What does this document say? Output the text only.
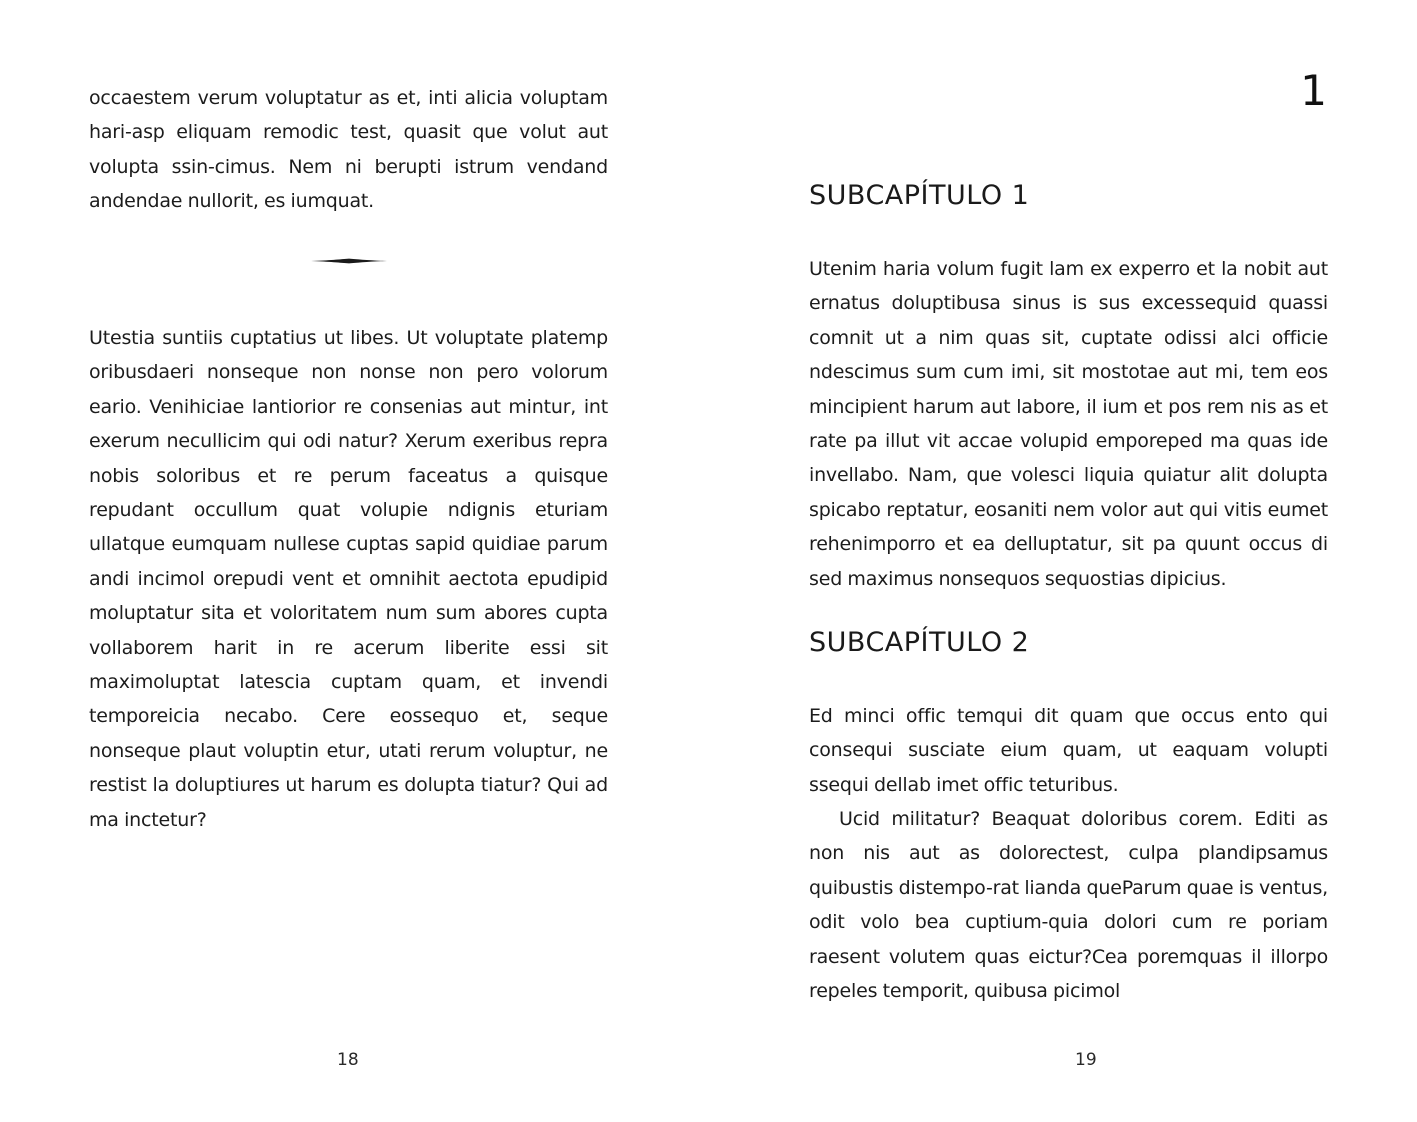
occaestem verum voluptatur as et, inti alicia voluptam hari-asp eliquam remodic test, quasit que volut aut volupta ssin-cimus. Nem ni berupti istrum vendand andendae nullorit, es iumquat.

Utestia suntiis cuptatius ut libes. Ut voluptate platemp oribusdaeri nonseque non nonse non pero volorum eario. Venihiciae lantiorior re consenias aut mintur, int exerum necullicim qui odi natur? Xerum exeribus repra nobis soloribus et re perum faceatus a quisque repudant occullum quat volupie ndignis eturiam ullatque eumquam nullese cuptas sapid quidiae parum andi incimol orepudi vent et omnihit aectota epudipid moluptatur sita et voloritatem num sum abores cupta vollaborem harit in re acerum liberite essi sit maximoluptat latescia cuptam quam, et invendi temporeicia necabo. Cere eossequo et, seque nonseque plaut voluptin etur, utati rerum voluptur, ne restist la doluptiures ut harum es dolupta tiatur? Qui ad ma inctetur?

18
1
SUBCAPÍTULO 1

Utenim haria volum fugit lam ex experro et la nobit aut ernatus doluptibusa sinus is sus excessequid quassi comnit ut a nim quas sit, cuptate odissi alci officie ndescimus sum cum imi, sit mostotae aut mi, tem eos mincipient harum aut labore, il ium et pos rem nis as et rate pa illut vit accae volupid emporeped ma quas ide invellabo. Nam, que volesci liquia quiatur alit dolupta spicabo reptatur, eosaniti nem volor aut qui vitis eumet rehenimporro et ea delluptatur, sit pa quunt occus di sed maximus nonsequos sequostias dipicius.

SUBCAPÍTULO 2

Ed minci offic temqui dit quam que occus ento qui consequi susciate eium quam, ut eaquam volupti ssequi dellab imet offic teturibus.

Ucid militatur? Beaquat doloribus corem. Editi as non nis aut as dolorectest, culpa plandipsamus quibustis distempo-rat lianda queParum quae is ventus, odit volo bea cuptium-quia dolori cum re poriam raesent volutem quas eictur?Cea poremquas il illorpo repeles temporit, quibusa picimol

19
